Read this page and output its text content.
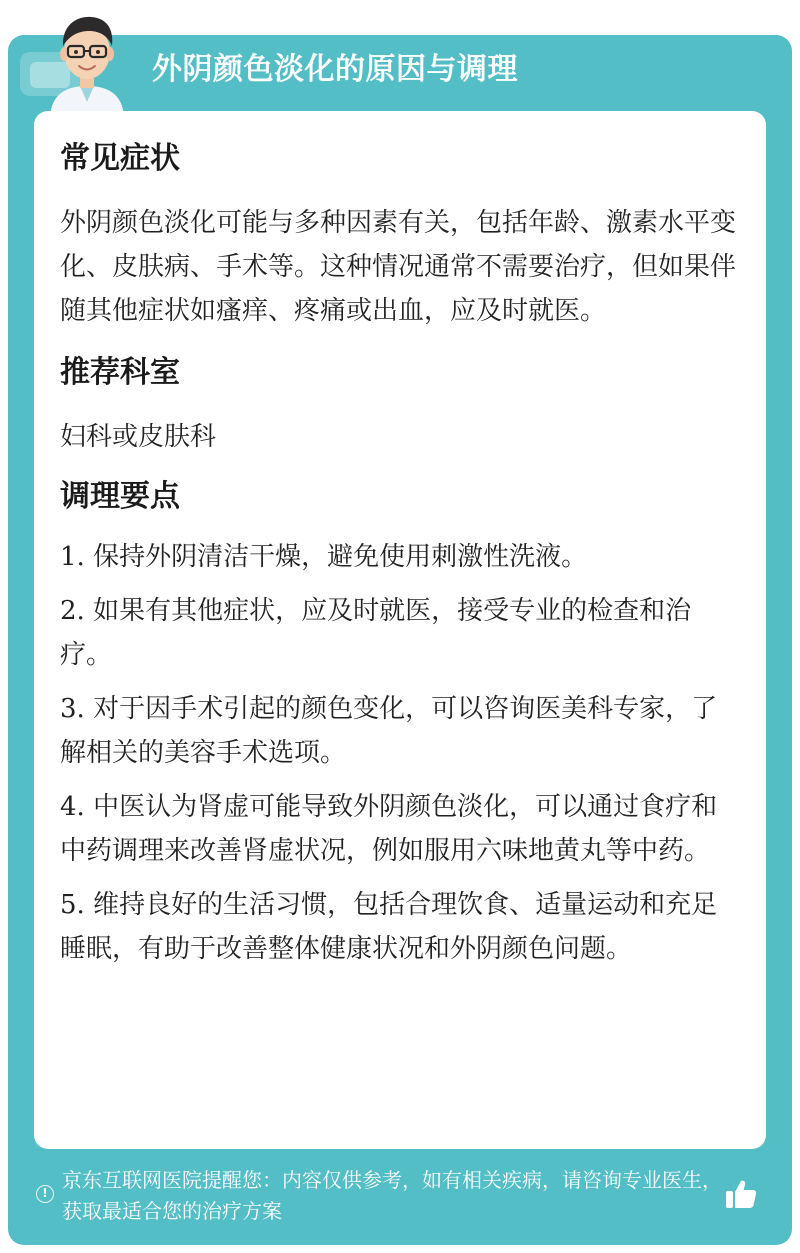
外阴颜色淡化的原因与调理
常见症状

外阴颜色淡化可能与多种因素有关，包括年龄、激素水平变化、皮肤病、手术等。这种情况通常不需要治疗，但如果伴随其他症状如瘙痒、疼痛或出血，应及时就医。

推荐科室

妇科或皮肤科

调理要点
1. 保持外阴清洁干燥，避免使用刺激性洗液。
2. 如果有其他症状，应及时就医，接受专业的检查和治疗。
3. 对于因手术引起的颜色变化，可以咨询医美科专家，了解相关的美容手术选项。
4. 中医认为肾虚可能导致外阴颜色淡化，可以通过食疗和中药调理来改善肾虚状况，例如服用六味地黄丸等中药。
5. 维持良好的生活习惯，包括合理饮食、适量运动和充足睡眠，有助于改善整体健康状况和外阴颜色问题。
!
京东互联网医院提醒您：内容仅供参考，如有相关疾病，请咨询专业医生，获取最适合您的治疗方案
